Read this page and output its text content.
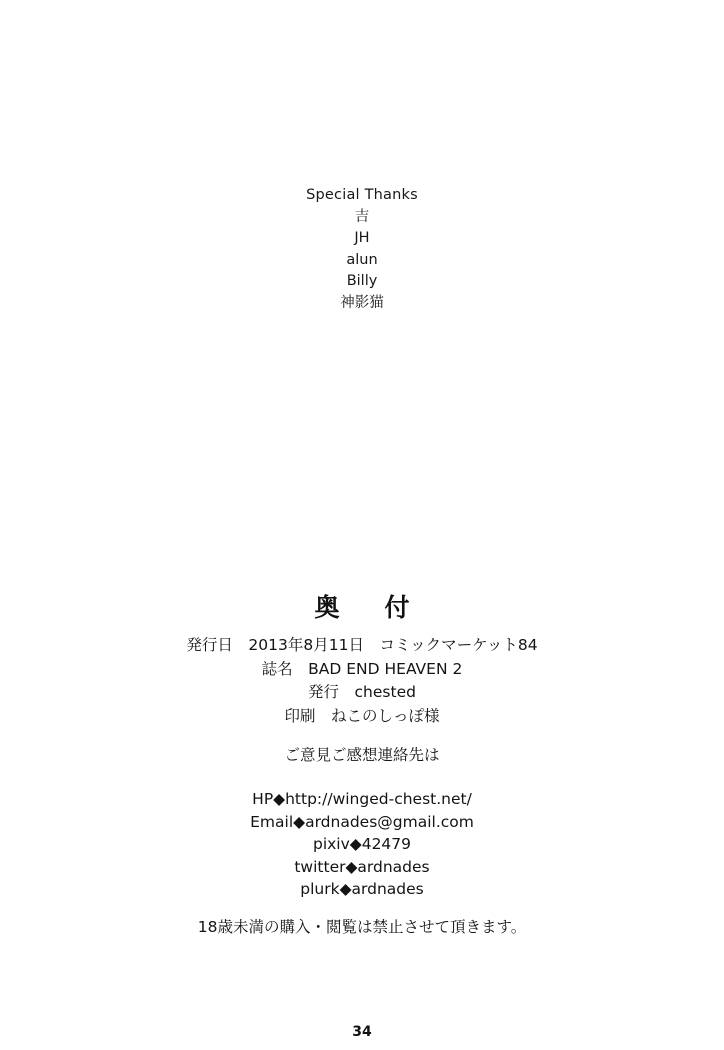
Special Thanks
吉
JH
alun
Billy
神影猫
奥　付
発行日　2013年8月11日　コミックマーケット84
誌名　BAD END HEAVEN 2
発行　chested
印刷　ねこのしっぽ様
ご意見ご感想連絡先は
HP◆http://winged-chest.net/
Email◆ardnades@gmail.com
pixiv◆42479
twitter◆ardnades
plurk◆ardnades
18歳未満の購入・閲覧は禁止させて頂きます。
34
